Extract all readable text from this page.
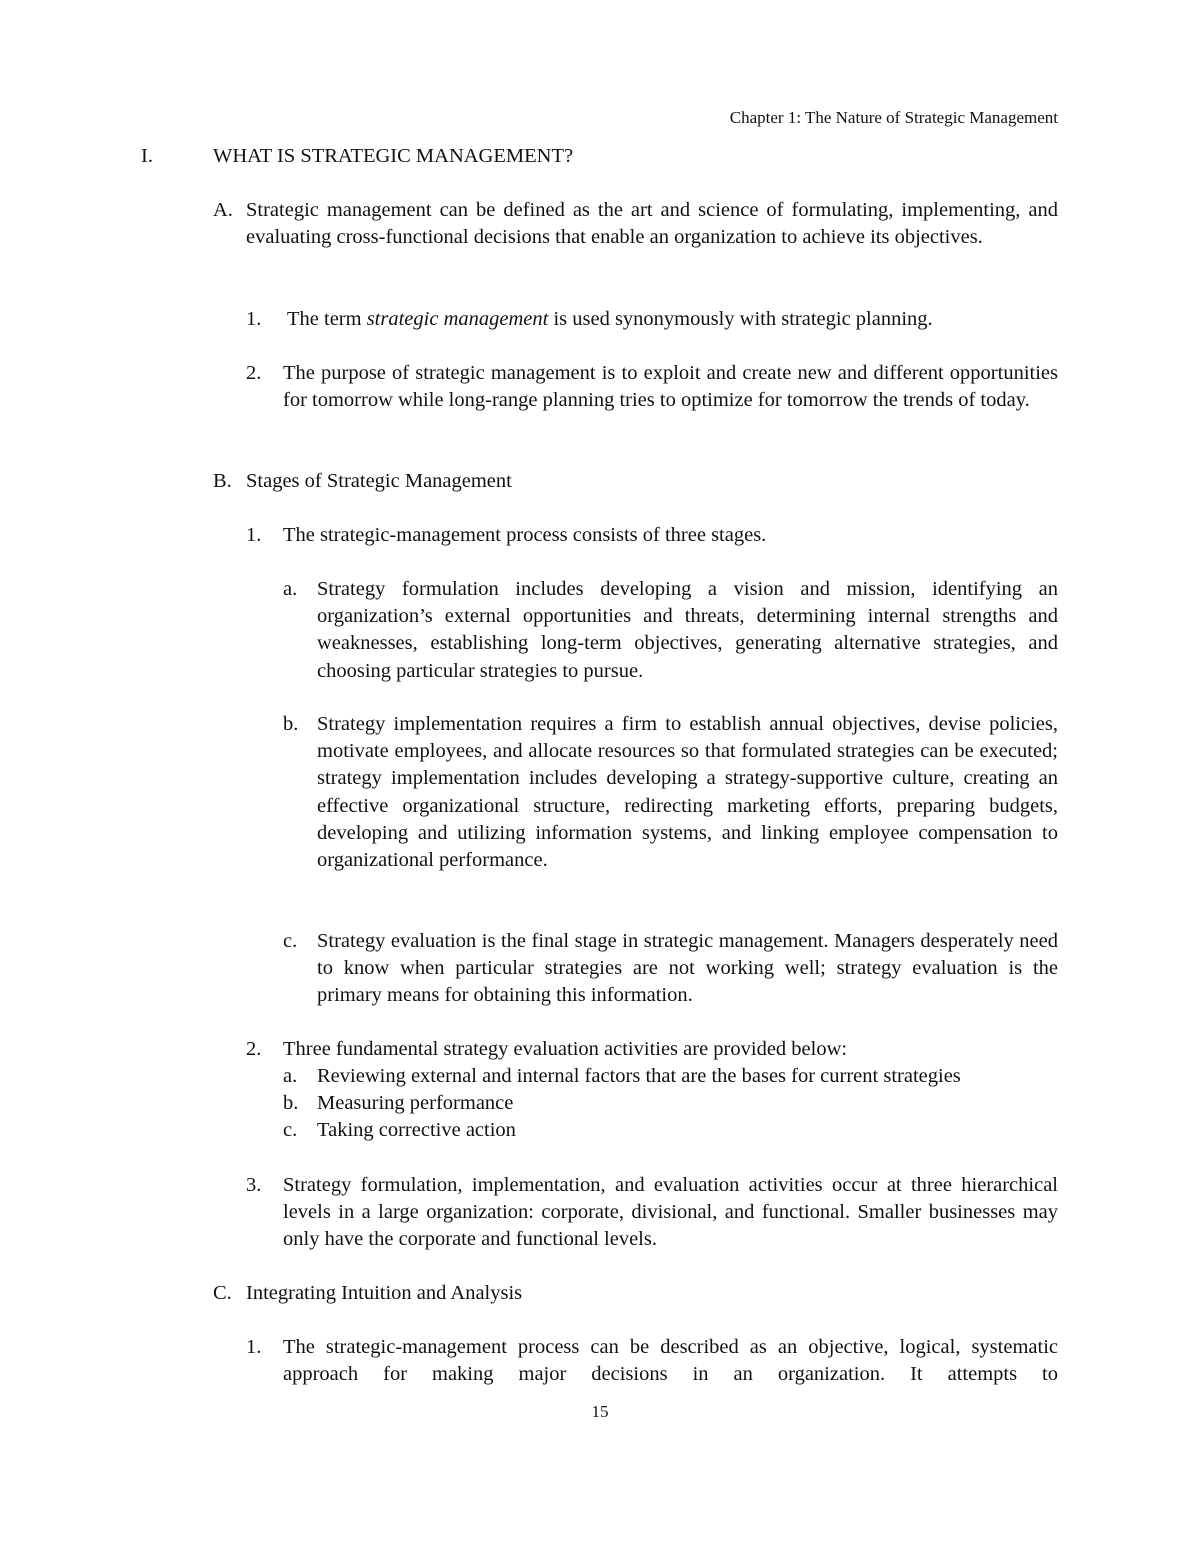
Chapter 1: The Nature of Strategic Management
I.	WHAT IS STRATEGIC MANAGEMENT?
A. Strategic management can be defined as the art and science of formulating, implementing, and evaluating cross-functional decisions that enable an organization to achieve its objectives.

1. The term strategic management is used synonymously with strategic planning.

2. The purpose of strategic management is to exploit and create new and different opportunities for tomorrow while long-range planning tries to optimize for tomorrow the trends of today.

B. Stages of Strategic Management
1. The strategic-management process consists of three stages.
a. Strategy formulation includes developing a vision and mission, identifying an organization’s external opportunities and threats, determining internal strengths and weaknesses, establishing long-term objectives, generating alternative strategies, and choosing particular strategies to pursue.

b. Strategy implementation requires a firm to establish annual objectives, devise policies, motivate employees, and allocate resources so that formulated strategies can be executed; strategy implementation includes developing a strategy-supportive culture, creating an effective organizational structure, redirecting marketing efforts, preparing budgets, developing and utilizing information systems, and linking employee compensation to organizational performance.

c. Strategy evaluation is the final stage in strategic management. Managers desperately need to know when particular strategies are not working well; strategy evaluation is the primary means for obtaining this information.

2. Three fundamental strategy evaluation activities are provided below:
a. Reviewing external and internal factors that are the bases for current strategies
b. Measuring performance
c. Taking corrective action
3. Strategy formulation, implementation, and evaluation activities occur at three hierarchical levels in a large organization: corporate, divisional, and functional. Smaller businesses may only have the corporate and functional levels.

C. Integrating Intuition and Analysis
1. The strategic-management process can be described as an objective, logical, systematic approach for making major decisions in an organization. It attempts to

15
